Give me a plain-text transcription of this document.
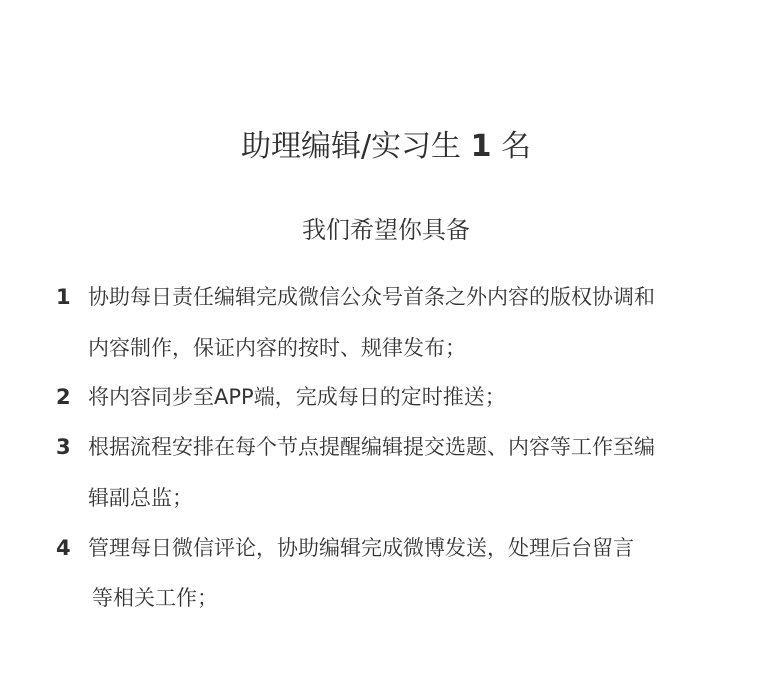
助理编辑/实习生 1 名
我们希望你具备
1 协助每日责任编辑完成微信公众号首条之外内容的版权协调和
内容制作，保证内容的按时、规律发布；
2 将内容同步至APP端，完成每日的定时推送；
3 根据流程安排在每个节点提醒编辑提交选题、内容等工作至编
辑副总监；
4 管理每日微信评论，协助编辑完成微博发送，处理后台留言
等相关工作；
